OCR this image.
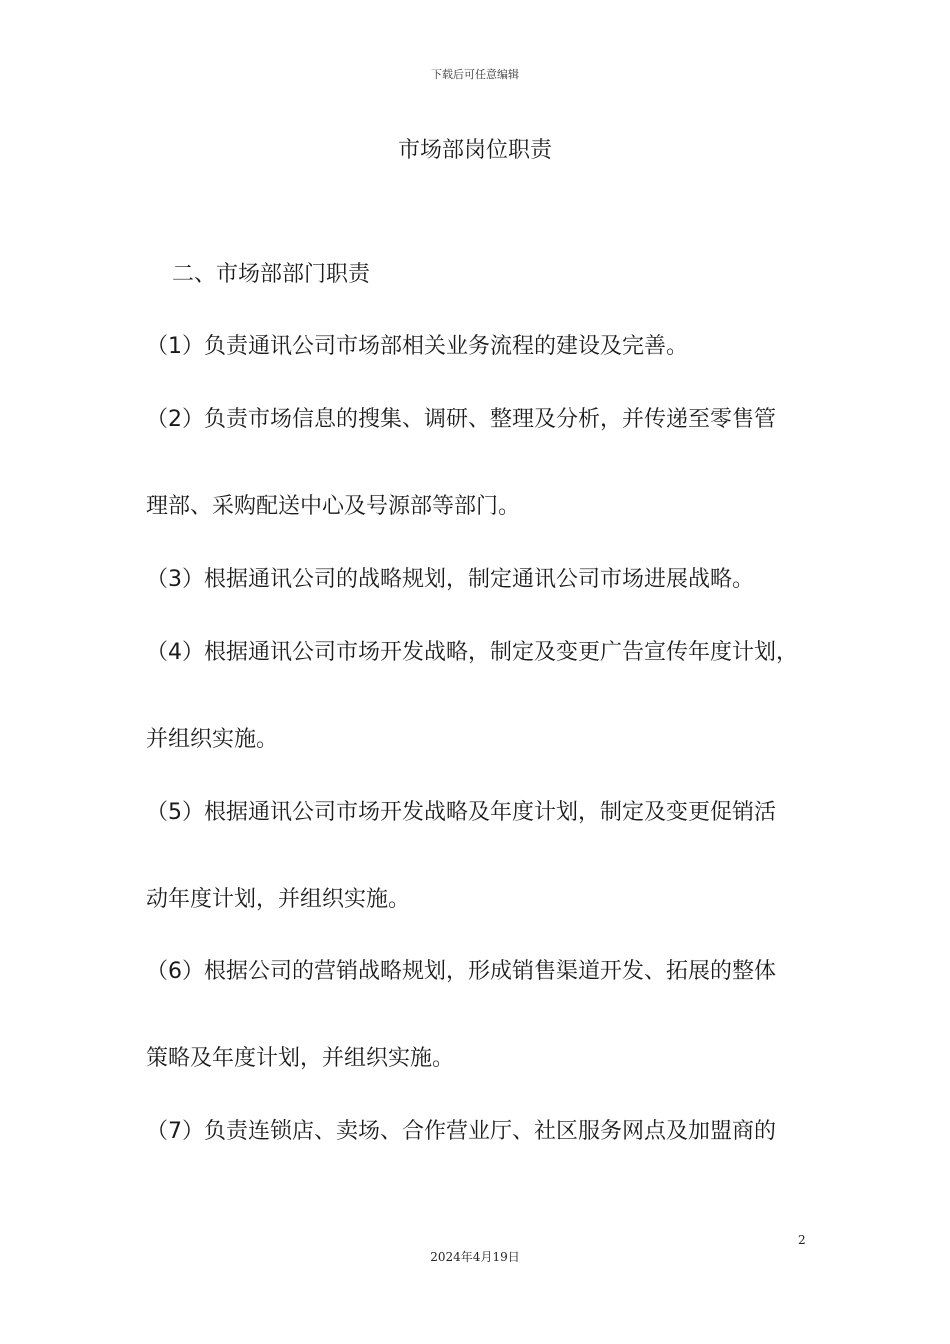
下载后可任意编辑
市场部岗位职责
二、市场部部门职责
（1）负责通讯公司市场部相关业务流程的建设及完善。
（2）负责市场信息的搜集、调研、整理及分析，并传递至零售管
理部、采购配送中心及号源部等部门。
（3）根据通讯公司的战略规划，制定通讯公司市场进展战略。
（4）根据通讯公司市场开发战略，制定及变更广告宣传年度计划，
并组织实施。
（5）根据通讯公司市场开发战略及年度计划，制定及变更促销活
动年度计划，并组织实施。
（6）根据公司的营销战略规划，形成销售渠道开发、拓展的整体
策略及年度计划，并组织实施。
（7）负责连锁店、卖场、合作营业厅、社区服务网点及加盟商的
2
2024年4月19日
